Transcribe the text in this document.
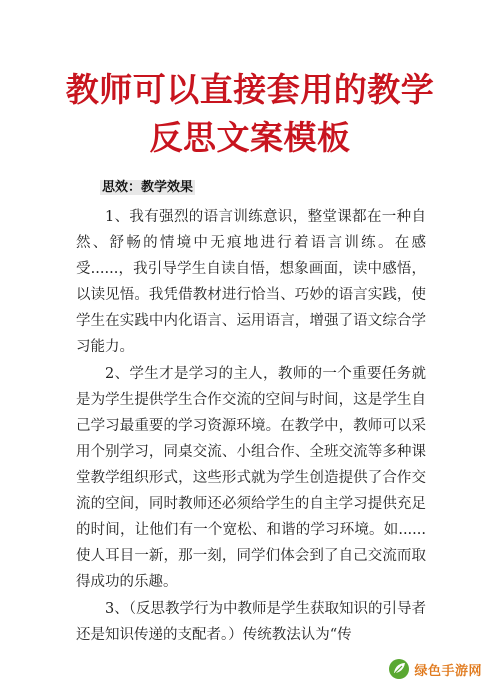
教师可以直接套用的教学
反思文案模板
思效：教学效果

1、我有强烈的语言训练意识，整堂课都在一种自然、舒畅的情境中无痕地进行着语言训练。在感受......，我引导学生自读自悟，想象画面，读中感悟，以读见悟。我凭借教材进行恰当、巧妙的语言实践，使学生在实践中内化语言、运用语言，增强了语文综合学习能力。

2、学生才是学习的主人，教师的一个重要任务就是为学生提供学生合作交流的空间与时间，这是学生自己学习最重要的学习资源环境。在教学中，教师可以采用个别学习，同桌交流、小组合作、全班交流等多种课堂教学组织形式，这些形式就为学生创造提供了合作交流的空间，同时教师还必须给学生的自主学习提供充足的时间，让他们有一个宽松、和谐的学习环境。如......使人耳目一新，那一刻，同学们体会到了自己交流而取得成功的乐趣。

3、（反思教学行为中教师是学生获取知识的引导者还是知识传递的支配者。）传统教法认为“传

绿色手游网
